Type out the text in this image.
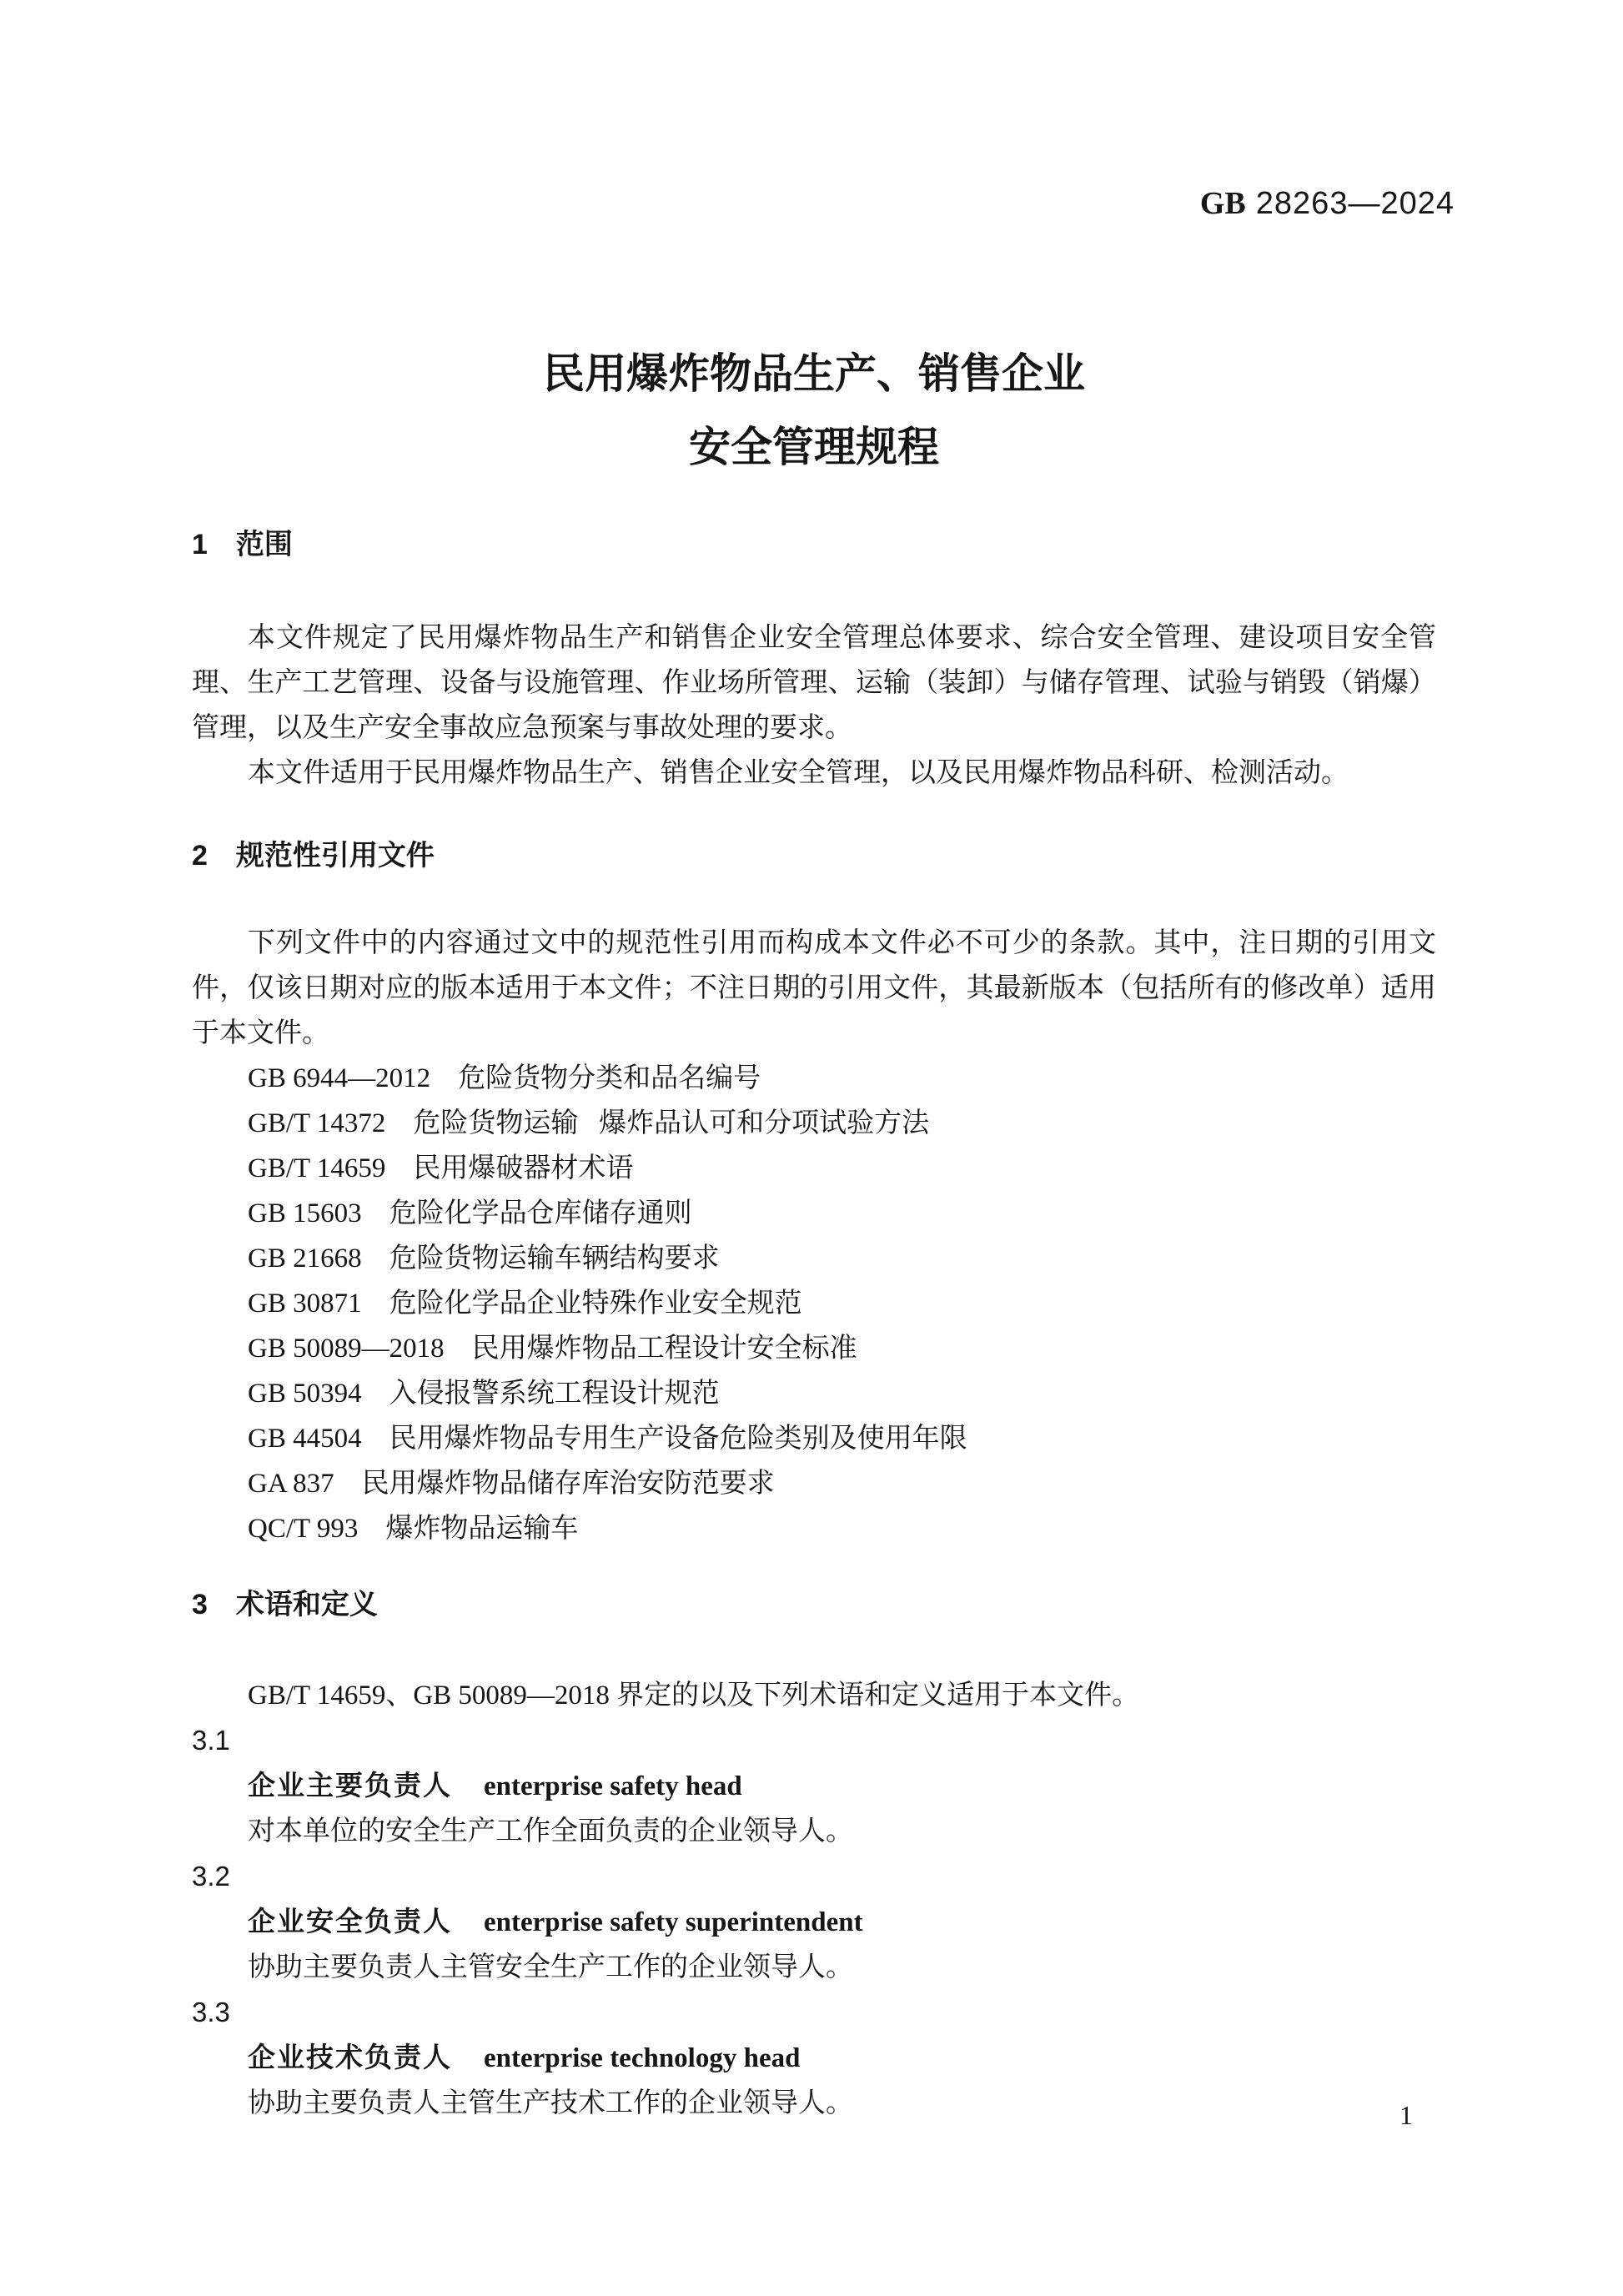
GB 28263—2024
民用爆炸物品生产、销售企业
安全管理规程
1 范围

本文件规定了民用爆炸物品生产和销售企业安全管理总体要求、综合安全管理、建设项目安全管理、生产工艺管理、设备与设施管理、作业场所管理、运输（装卸）与储存管理、试验与销毁（销爆）管理，以及生产安全事故应急预案与事故处理的要求。

本文件适用于民用爆炸物品生产、销售企业安全管理，以及民用爆炸物品科研、检测活动。

2 规范性引用文件

下列文件中的内容通过文中的规范性引用而构成本文件必不可少的条款。其中，注日期的引用文件，仅该日期对应的版本适用于本文件；不注日期的引用文件，其最新版本（包括所有的修改单）适用于本文件。

GB 6944—2012 危险货物分类和品名编号
GB/T 14372 危险货物运输   爆炸品认可和分项试验方法
GB/T 14659 民用爆破器材术语
GB 15603 危险化学品仓库储存通则
GB 21668 危险货物运输车辆结构要求
GB 30871 危险化学品企业特殊作业安全规范
GB 50089—2018 民用爆炸物品工程设计安全标准
GB 50394 入侵报警系统工程设计规范
GB 44504 民用爆炸物品专用生产设备危险类别及使用年限
GA 837 民用爆炸物品储存库治安防范要求
QC/T 993 爆炸物品运输车
3 术语和定义

GB/T 14659、GB 50089—2018 界定的以及下列术语和定义适用于本文件。

3.1

企业主要负责人 enterprise safety head

对本单位的安全生产工作全面负责的企业领导人。

3.2

企业安全负责人 enterprise safety superintendent

协助主要负责人主管安全生产工作的企业领导人。

3.3

企业技术负责人 enterprise technology head

协助主要负责人主管生产技术工作的企业领导人。	1
